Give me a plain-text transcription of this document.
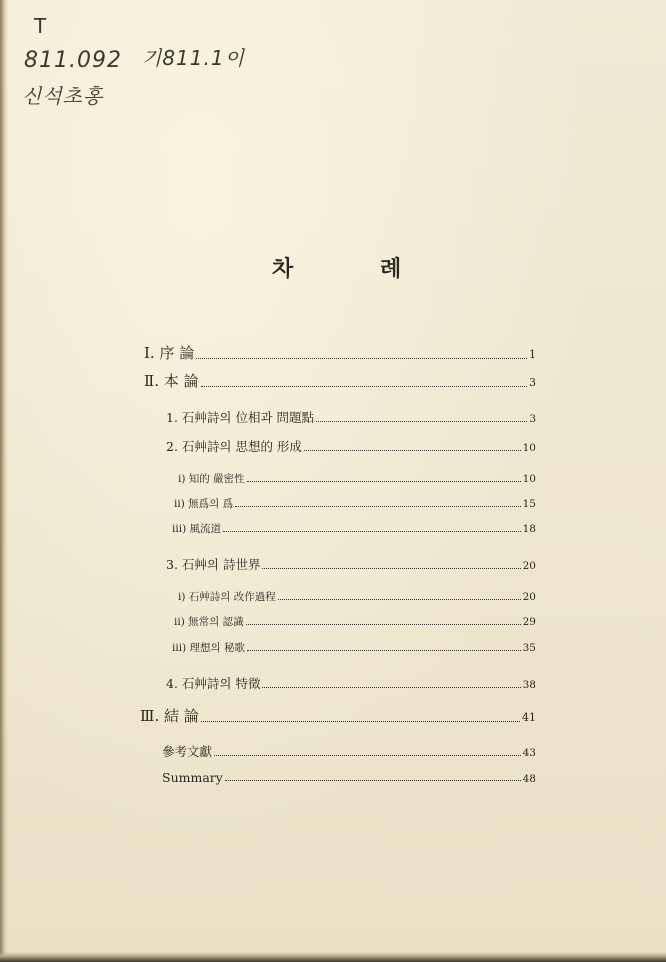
T
811.092
신석초홍
기811.1이
차	례
Ⅰ. 序 論	1
Ⅱ. 本 論	3
1. 石艸詩의 位相과 問題點	3
2. 石艸詩의 思想的 形成	10
i) 知的 嚴密性	10
ii) 無爲의 爲	15
iii) 風流道	18
3. 石艸의 詩世界	20
i) 石艸詩의 改作過程	20
ii) 無常의 認識	29
iii) 理想의 秘歌	35
4. 石艸詩의 特徵	38
Ⅲ. 結 論	41
參考文獻	43
Summary	48
